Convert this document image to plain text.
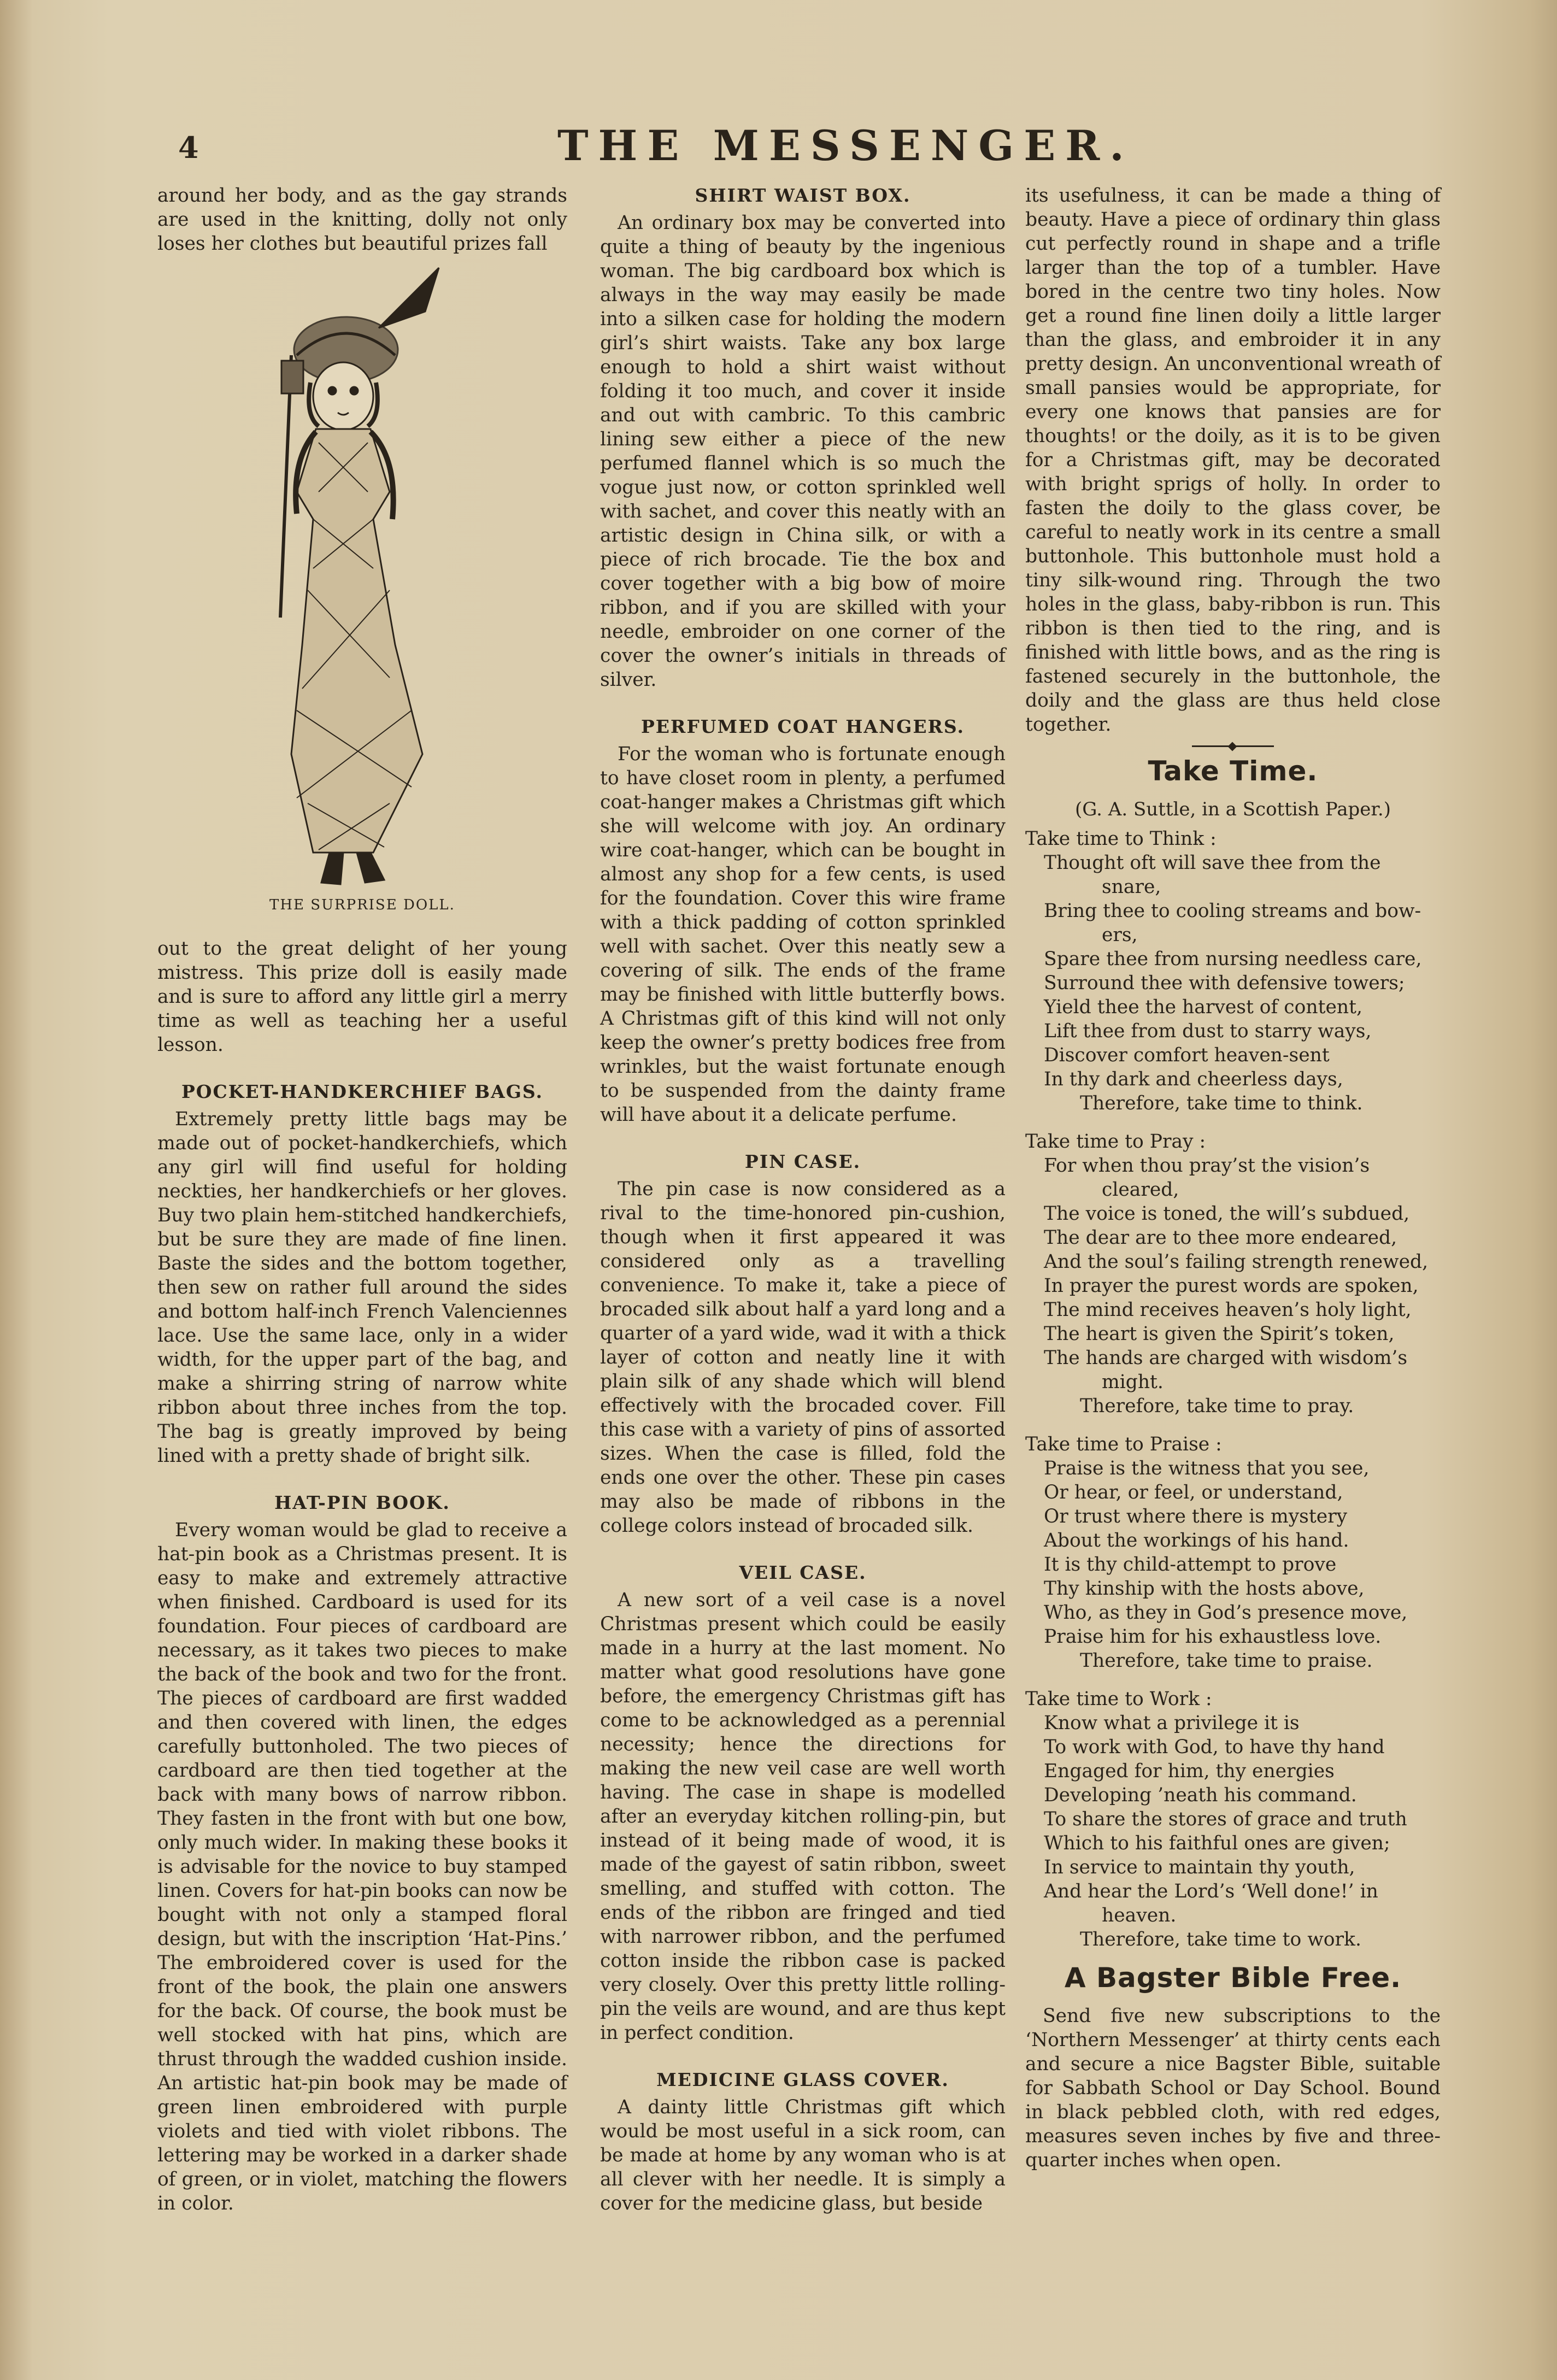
4	THE MESSENGER.

around her body, and as the gay strands are used in the knitting, dolly not only loses her clothes but beautiful prizes fall

THE SURPRISE DOLL.

out to the great delight of her young mistress. This prize doll is easily made and is sure to afford any little girl a merry time as well as teaching her a useful lesson.

POCKET-HANDKERCHIEF BAGS.

Extremely pretty little bags may be made out of pocket-handkerchiefs, which any girl will find useful for holding neckties, her handkerchiefs or her gloves. Buy two plain hem-stitched handkerchiefs, but be sure they are made of fine linen. Baste the sides and the bottom together, then sew on rather full around the sides and bottom half-inch French Valenciennes lace. Use the same lace, only in a wider width, for the upper part of the bag, and make a shirring string of narrow white ribbon about three inches from the top. The bag is greatly improved by being lined with a pretty shade of bright silk.

HAT-PIN BOOK.

Every woman would be glad to receive a hat-pin book as a Christmas present. It is easy to make and extremely attractive when finished. Cardboard is used for its foundation. Four pieces of cardboard are necessary, as it takes two pieces to make the back of the book and two for the front. The pieces of cardboard are first wadded and then covered with linen, the edges carefully buttonholed. The two pieces of cardboard are then tied together at the back with many bows of narrow ribbon. They fasten in the front with but one bow, only much wider. In making these books it is advisable for the novice to buy stamped linen. Covers for hat-pin books can now be bought with not only a stamped floral design, but with the inscription ‘Hat-Pins.’ The embroidered cover is used for the front of the book, the plain one answers for the back. Of course, the book must be well stocked with hat pins, which are thrust through the wadded cushion inside. An artistic hat-pin book may be made of green linen embroidered with purple violets and tied with violet ribbons. The lettering may be worked in a darker shade of green, or in violet, matching the flowers in color.

SHIRT WAIST BOX.

An ordinary box may be converted into quite a thing of beauty by the ingenious woman. The big cardboard box which is always in the way may easily be made into a silken case for holding the modern girl’s shirt waists. Take any box large enough to hold a shirt waist without folding it too much, and cover it inside and out with cambric. To this cambric lining sew either a piece of the new perfumed flannel which is so much the vogue just now, or cotton sprinkled well with sachet, and cover this neatly with an artistic design in China silk, or with a piece of rich brocade. Tie the box and cover together with a big bow of moire ribbon, and if you are skilled with your needle, embroider on one corner of the cover the owner’s initials in threads of silver.

PERFUMED COAT HANGERS.

For the woman who is fortunate enough to have closet room in plenty, a perfumed coat-hanger makes a Christmas gift which she will welcome with joy. An ordinary wire coat-hanger, which can be bought in almost any shop for a few cents, is used for the foundation. Cover this wire frame with a thick padding of cotton sprinkled well with sachet. Over this neatly sew a covering of silk. The ends of the frame may be finished with little butterfly bows. A Christmas gift of this kind will not only keep the owner’s pretty bodices free from wrinkles, but the waist fortunate enough to be suspended from the dainty frame will have about it a delicate perfume.

PIN CASE.

The pin case is now considered as a rival to the time-honored pin-cushion, though when it first appeared it was considered only as a travelling convenience. To make it, take a piece of brocaded silk about half a yard long and a quarter of a yard wide, wad it with a thick layer of cotton and neatly line it with plain silk of any shade which will blend effectively with the brocaded cover. Fill this case with a variety of pins of assorted sizes. When the case is filled, fold the ends one over the other. These pin cases may also be made of ribbons in the college colors instead of brocaded silk.

VEIL CASE.

A new sort of a veil case is a novel Christmas present which could be easily made in a hurry at the last moment. No matter what good resolutions have gone before, the emergency Christmas gift has come to be acknowledged as a perennial necessity; hence the directions for making the new veil case are well worth having. The case in shape is modelled after an everyday kitchen rolling-pin, but instead of it being made of wood, it is made of the gayest of satin ribbon, sweet smelling, and stuffed with cotton. The ends of the ribbon are fringed and tied with narrower ribbon, and the perfumed cotton inside the ribbon case is packed very closely. Over this pretty little rolling-pin the veils are wound, and are thus kept in perfect condition.

MEDICINE GLASS COVER.

A dainty little Christmas gift which would be most useful in a sick room, can be made at home by any woman who is at all clever with her needle. It is simply a cover for the medicine glass, but beside

its usefulness, it can be made a thing of beauty. Have a piece of ordinary thin glass cut perfectly round in shape and a trifle larger than the top of a tumbler. Have bored in the centre two tiny holes. Now get a round fine linen doily a little larger than the glass, and embroider it in any pretty design. An unconventional wreath of small pansies would be appropriate, for every one knows that pansies are for thoughts! or the doily, as it is to be given for a Christmas gift, may be decorated with bright sprigs of holly. In order to fasten the doily to the glass cover, be careful to neatly work in its centre a small buttonhole. This buttonhole must hold a tiny silk-wound ring. Through the two holes in the glass, baby-ribbon is run. This ribbon is then tied to the ring, and is finished with little bows, and as the ring is fastened securely in the buttonhole, the doily and the glass are thus held close together.

Take Time.
(G. A. Suttle, in a Scottish Paper.)
Take time to Think :
Thought oft will save thee from the
snare,
Bring thee to cooling streams and bow-
ers,
Spare thee from nursing needless care,
Surround thee with defensive towers;
Yield thee the harvest of content,
Lift thee from dust to starry ways,
Discover comfort heaven-sent
In thy dark and cheerless days,
Therefore, take time to think.
Take time to Pray :
For when thou pray’st the vision’s
cleared,
The voice is toned, the will’s subdued,
The dear are to thee more endeared,
And the soul’s failing strength renewed,
In prayer the purest words are spoken,
The mind receives heaven’s holy light,
The heart is given the Spirit’s token,
The hands are charged with wisdom’s
might.
Therefore, take time to pray.
Take time to Praise :
Praise is the witness that you see,
Or hear, or feel, or understand,
Or trust where there is mystery
About the workings of his hand.
It is thy child-attempt to prove
Thy kinship with the hosts above,
Who, as they in God’s presence move,
Praise him for his exhaustless love.
Therefore, take time to praise.
Take time to Work :
Know what a privilege it is
To work with God, to have thy hand
Engaged for him, thy energies
Developing ’neath his command.
To share the stores of grace and truth
Which to his faithful ones are given;
In service to maintain thy youth,
And hear the Lord’s ‘Well done!’ in
heaven.
Therefore, take time to work.
A Bagster Bible Free.

Send five new subscriptions to the ‘Northern Messenger’ at thirty cents each and secure a nice Bagster Bible, suitable for Sabbath School or Day School. Bound in black pebbled cloth, with red edges, measures seven inches by five and three-quarter inches when open.
